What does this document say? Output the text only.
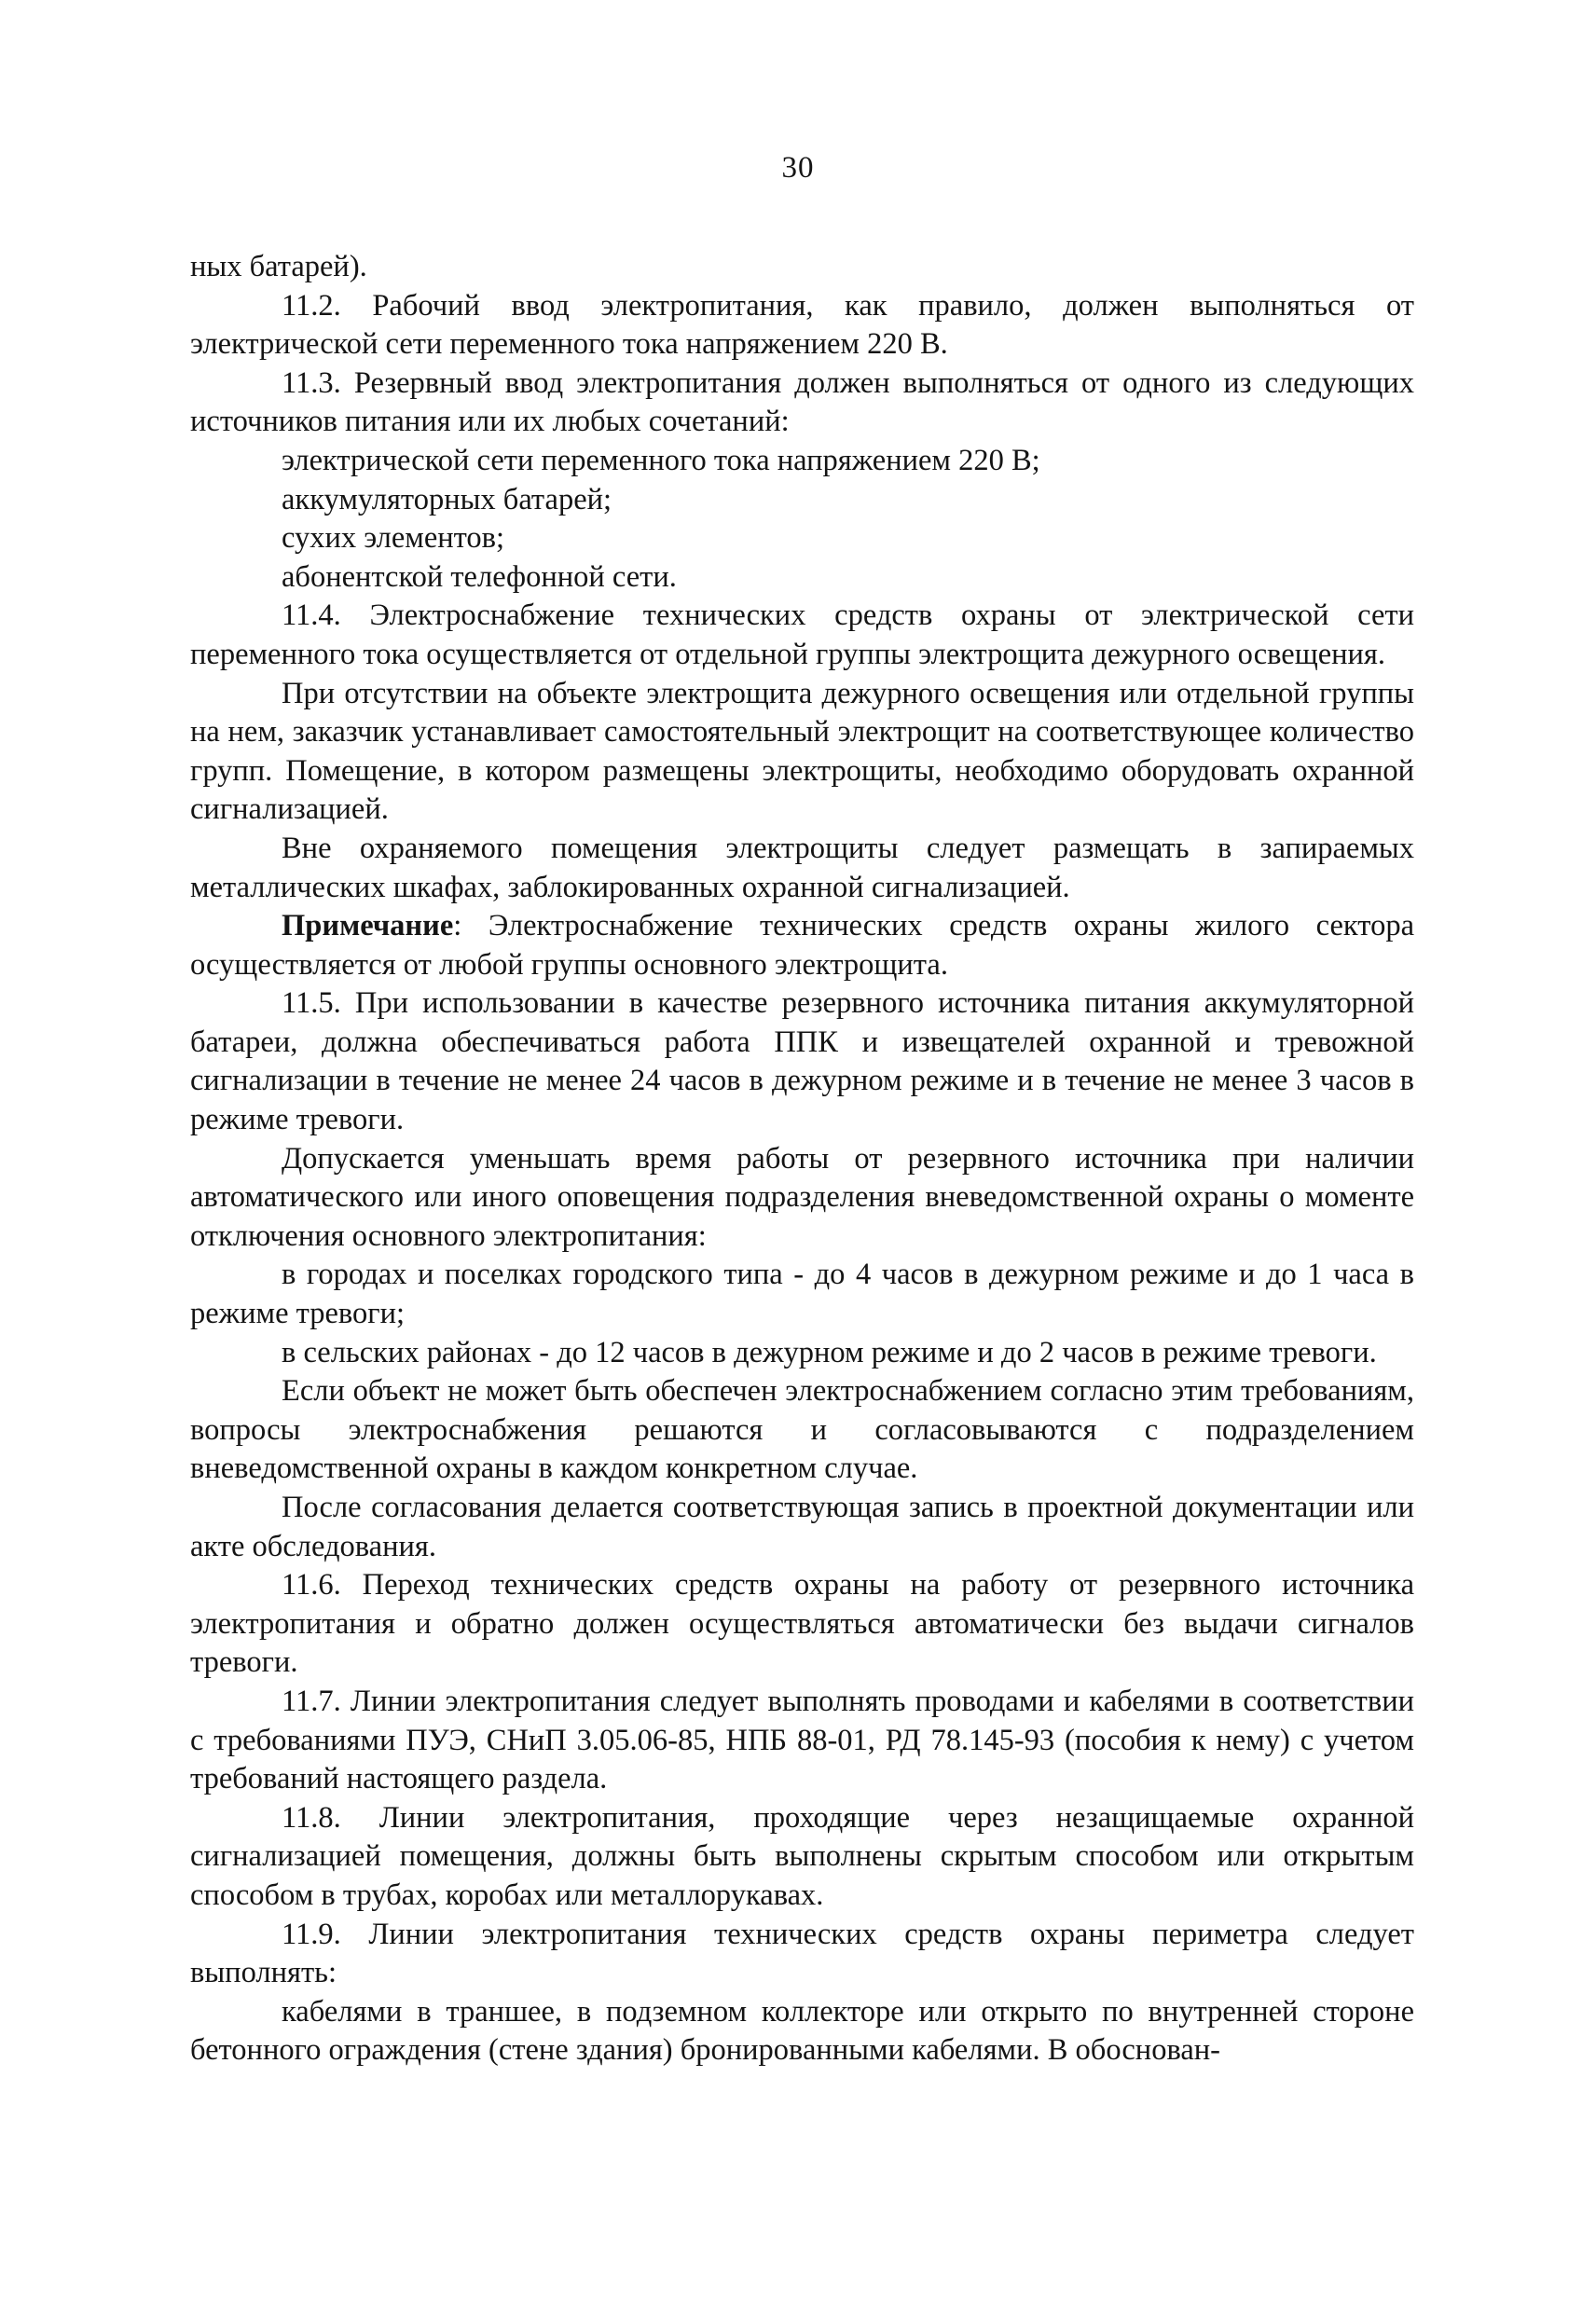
30

ных батарей).

11.2. Рабочий ввод электропитания, как правило, должен выполняться от электрической сети переменного тока напряжением 220 В.

11.3. Резервный ввод электропитания должен выполняться от одного из следующих источников питания или их любых сочетаний:

электрической сети переменного тока напряжением 220 В;

аккумуляторных батарей;

сухих элементов;

абонентской телефонной сети.

11.4. Электроснабжение технических средств охраны от электрической сети переменного тока осуществляется от отдельной группы электрощита дежурного освещения.

При отсутствии на объекте электрощита дежурного освещения или отдельной группы на нем, заказчик устанавливает самостоятельный электрощит на соответствующее количество групп. Помещение, в котором размещены электрощиты, необходимо оборудовать охранной сигнализацией.

Вне охраняемого помещения электрощиты следует размещать в запираемых металлических шкафах, заблокированных охранной сигнализацией.

Примечание: Электроснабжение технических средств охраны жилого сектора осуществляется от любой группы основного электрощита.

11.5. При использовании в качестве резервного источника питания аккумуляторной батареи, должна обеспечиваться работа ППК и извещателей охранной и тревожной сигнализации в течение не менее 24 часов в дежурном режиме и в течение не менее 3 часов в режиме тревоги.

Допускается уменьшать время работы от резервного источника при наличии автоматического или иного оповещения подразделения вневедомственной охраны о моменте отключения основного электропитания:

в городах и поселках городского типа - до 4 часов в дежурном режиме и до 1 часа в режиме тревоги;

в сельских районах - до 12 часов в дежурном режиме и до 2 часов в режиме тревоги.

Если объект не может быть обеспечен электроснабжением согласно этим требованиям, вопросы электроснабжения решаются и согласовываются с подразделением вневедомственной охраны в каждом конкретном случае.

После согласования делается соответствующая запись в проектной документации или акте обследования.

11.6. Переход технических средств охраны на работу от резервного источника электропитания и обратно должен осуществляться автоматически без выдачи сигналов тревоги.

11.7. Линии электропитания следует выполнять проводами и кабелями в соответствии с требованиями ПУЭ, СНиП 3.05.06-85, НПБ 88-01, РД 78.145-93 (пособия к нему) с учетом требований настоящего раздела.

11.8. Линии электропитания, проходящие через незащищаемые охранной сигнализацией помещения, должны быть выполнены скрытым способом или открытым способом в трубах, коробах или металлорукавах.

11.9. Линии электропитания технических средств охраны периметра следует выполнять:

кабелями в траншее, в подземном коллекторе или открыто по внутренней стороне бетонного ограждения (стене здания) бронированными кабелями. В обоснован-
